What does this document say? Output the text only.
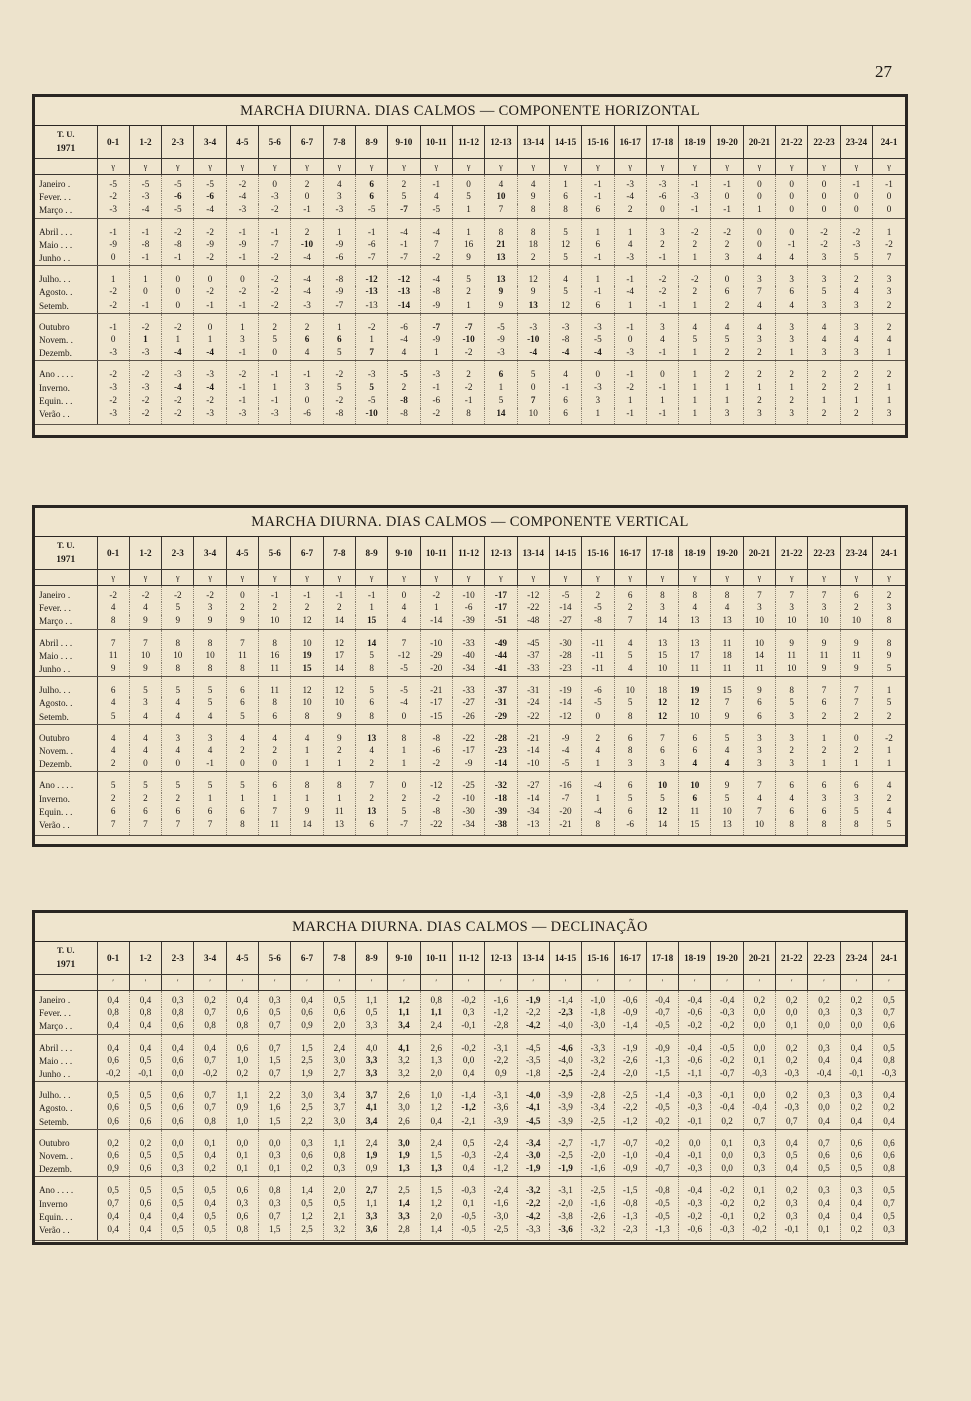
27
MARCHA DIURNA. DIAS CALMOS — COMPONENTE HORIZONTAL
T. U.
1971	0-1	1-2	2-3	3-4	4-5	5-6	6-7	7-8	8-9	9-10	10-11	11-12	12-13	13-14	14-15	15-16	16-17	17-18	18-19	19-20	20-21	21-22	22-23	23-24	24-1
	γ	γ	γ	γ	γ	γ	γ	γ	γ	γ	γ	γ	γ	γ	γ	γ	γ	γ	γ	γ	γ	γ	γ	γ	γ
Janeiro .	-5	-5	-5	-5	-2	0	2	4	6	2	-1	0	4	4	1	-1	-3	-3	-1	-1	0	0	0	-1	-1
Fever. . .	-2	-3	-6	-6	-4	-3	0	3	6	5	4	5	10	9	6	-1	-4	-6	-3	0	0	0	0	0	0
Março . .	-3	-4	-5	-4	-3	-2	-1	-3	-5	-7	-5	1	7	8	8	6	2	0	-1	-1	1	0	0	0	0
Abril . . .	-1	-1	-2	-2	-1	-1	2	1	-1	-4	-4	1	8	8	5	1	1	3	-2	-2	0	0	-2	-2	1
Maio . . .	-9	-8	-8	-9	-9	-7	-10	-9	-6	-1	7	16	21	18	12	6	4	2	2	2	0	-1	-2	-3	-2
Junho . .	0	-1	-1	-2	-1	-2	-4	-6	-7	-7	-2	9	13	2	5	-1	-3	-1	1	3	4	4	3	5	7
Julho. . .	1	1	0	0	0	-2	-4	-8	-12	-12	-4	5	13	12	4	1	-1	-2	-2	0	3	3	3	2	3
Agosto. .	-2	0	0	-2	-2	-2	-4	-9	-13	-13	-8	2	9	9	5	-1	-4	-2	2	6	7	6	5	4	3
Setemb.	-2	-1	0	-1	-1	-2	-3	-7	-13	-14	-9	1	9	13	12	6	1	-1	1	2	4	4	3	3	2
Outubro	-1	-2	-2	0	1	2	2	1	-2	-6	-7	-7	-5	-3	-3	-3	-1	3	4	4	4	3	4	3	2
Novem. .	0	1	1	1	3	5	6	6	1	-4	-9	-10	-9	-10	-8	-5	0	4	5	5	3	3	4	4	4
Dezemb.	-3	-3	-4	-4	-1	0	4	5	7	4	1	-2	-3	-4	-4	-4	-3	-1	1	2	2	1	3	3	1
Ano . . . .	-2	-2	-3	-3	-2	-1	-1	-2	-3	-5	-3	2	6	5	4	0	-1	0	1	2	2	2	2	2	2
Inverno.	-3	-3	-4	-4	-1	1	3	5	5	2	-1	-2	1	0	-1	-3	-2	-1	1	1	1	1	2	2	1
Equin. . .	-2	-2	-2	-2	-1	-1	0	-2	-5	-8	-6	-1	5	7	6	3	1	1	1	1	2	2	1	1	1
Verão . .	-3	-2	-2	-3	-3	-3	-6	-8	-10	-8	-2	8	14	10	6	1	-1	-1	1	3	3	3	2	2	3
MARCHA DIURNA. DIAS CALMOS — COMPONENTE VERTICAL
T. U.
1971	0-1	1-2	2-3	3-4	4-5	5-6	6-7	7-8	8-9	9-10	10-11	11-12	12-13	13-14	14-15	15-16	16-17	17-18	18-19	19-20	20-21	21-22	22-23	23-24	24-1
	γ	γ	γ	γ	γ	γ	γ	γ	γ	γ	γ	γ	γ	γ	γ	γ	γ	γ	γ	γ	γ	γ	γ	γ	γ
Janeiro .	-2	-2	-2	-2	0	-1	-1	-1	-1	0	-2	-10	-17	-12	-5	2	6	8	8	8	7	7	7	6	2
Fever. . .	4	4	5	3	2	2	2	2	1	4	1	-6	-17	-22	-14	-5	2	3	4	4	3	3	3	2	3
Março . .	8	9	9	9	9	10	12	14	15	4	-14	-39	-51	-48	-27	-8	7	14	13	13	10	10	10	10	8
Abril . . .	7	7	8	8	7	8	10	12	14	7	-10	-33	-49	-45	-30	-11	4	13	13	11	10	9	9	9	8
Maio . . .	11	10	10	10	11	16	19	17	5	-12	-29	-40	-44	-37	-28	-11	5	15	17	18	14	11	11	11	9
Junho . .	9	9	8	8	8	11	15	14	8	-5	-20	-34	-41	-33	-23	-11	4	10	11	11	11	10	9	9	5
Julho. . .	6	5	5	5	6	11	12	12	5	-5	-21	-33	-37	-31	-19	-6	10	18	19	15	9	8	7	7	1
Agosto. .	4	3	4	5	6	8	10	10	6	-4	-17	-27	-31	-24	-14	-5	5	12	12	7	6	5	6	7	5
Setemb.	5	4	4	4	5	6	8	9	8	0	-15	-26	-29	-22	-12	0	8	12	10	9	6	3	2	2	2
Outubro	4	4	3	3	4	4	4	9	13	8	-8	-22	-28	-21	-9	2	6	7	6	5	3	3	1	0	-2
Novem. .	4	4	4	4	2	2	1	2	4	1	-6	-17	-23	-14	-4	4	8	6	6	4	3	2	2	2	1
Dezemb.	2	0	0	-1	0	0	1	1	2	1	-2	-9	-14	-10	-5	1	3	3	4	4	3	3	1	1	1
Ano . . . .	5	5	5	5	5	6	8	8	7	0	-12	-25	-32	-27	-16	-4	6	10	10	9	7	6	6	6	4
Inverno.	2	2	2	1	1	1	1	1	2	2	-2	-10	-18	-14	-7	1	5	5	6	5	4	4	3	3	2
Equin. . .	6	6	6	6	6	7	9	11	13	5	-8	-30	-39	-34	-20	-4	6	12	11	10	7	6	6	5	4
Verão . .	7	7	7	7	8	11	14	13	6	-7	-22	-34	-38	-13	-21	8	-6	14	15	13	10	8	8	8	5
MARCHA DIURNA. DIAS CALMOS — DECLINAÇÃO
T. U.
1971	0-1	1-2	2-3	3-4	4-5	5-6	6-7	7-8	8-9	9-10	10-11	11-12	12-13	13-14	14-15	15-16	16-17	17-18	18-19	19-20	20-21	21-22	22-23	23-24	24-1
	′	′	′	′	′	′	′	′	′	′	′	′	′	′	′	′	′	′	′	′	′	′	′	′	′
Janeiro .	0,4	0,4	0,3	0,2	0,4	0,3	0,4	0,5	1,1	1,2	0,8	-0,2	-1,6	-1,9	-1,4	-1,0	-0,6	-0,4	-0,4	-0,4	0,2	0,2	0,2	0,2	0,5
Fever. . .	0,8	0,8	0,8	0,7	0,6	0,5	0,6	0,6	0,5	1,1	1,1	0,3	-1,2	-2,2	-2,3	-1,8	-0,9	-0,7	-0,6	-0,3	0,0	0,0	0,3	0,3	0,7
Março . .	0,4	0,4	0,6	0,8	0,8	0,7	0,9	2,0	3,3	3,4	2,4	-0,1	-2,8	-4,2	-4,0	-3,0	-1,4	-0,5	-0,2	-0,2	0,0	0,1	0,0	0,0	0,6
Abril . . .	0,4	0,4	0,4	0,4	0,6	0,7	1,5	2,4	4,0	4,1	2,6	-0,2	-3,1	-4,5	-4,6	-3,3	-1,9	-0,9	-0,4	-0,5	0,0	0,2	0,3	0,4	0,5
Maio . . .	0,6	0,5	0,6	0,7	1,0	1,5	2,5	3,0	3,3	3,2	1,3	0,0	-2,2	-3,5	-4,0	-3,2	-2,6	-1,3	-0,6	-0,2	0,1	0,2	0,4	0,4	0,8
Junho . .	-0,2	-0,1	0,0	-0,2	0,2	0,7	1,9	2,7	3,3	3,2	2,0	0,4	0,9	-1,8	-2,5	-2,4	-2,0	-1,5	-1,1	-0,7	-0,3	-0,3	-0,4	-0,1	-0,3
Julho. . .	0,5	0,5	0,6	0,7	1,1	2,2	3,0	3,4	3,7	2,6	1,0	-1,4	-3,1	-4,0	-3,9	-2,8	-2,5	-1,4	-0,3	-0,1	0,0	0,2	0,3	0,3	0,4
Agosto. .	0,6	0,5	0,6	0,7	0,9	1,6	2,5	3,7	4,1	3,0	1,2	-1,2	-3,6	-4,1	-3,9	-3,4	-2,2	-0,5	-0,3	-0,4	-0,4	-0,3	0,0	0,2	0,2
Setemb.	0,6	0,6	0,6	0,8	1,0	1,5	2,2	3,0	3,4	2,6	0,4	-2,1	-3,9	-4,5	-3,9	-2,5	-1,2	-0,2	-0,1	0,2	0,7	0,7	0,4	0,4	0,4
Outubro	0,2	0,2	0,0	0,1	0,0	0,0	0,3	1,1	2,4	3,0	2,4	0,5	-2,4	-3,4	-2,7	-1,7	-0,7	-0,2	0,0	0,1	0,3	0,4	0,7	0,6	0,6
Novem. .	0,6	0,5	0,5	0,4	0,1	0,3	0,6	0,8	1,9	1,9	1,5	-0,3	-2,4	-3,0	-2,5	-2,0	-1,0	-0,4	-0,1	0,0	0,3	0,5	0,6	0,6	0,6
Dezemb.	0,9	0,6	0,3	0,2	0,1	0,1	0,2	0,3	0,9	1,3	1,3	0,4	-1,2	-1,9	-1,9	-1,6	-0,9	-0,7	-0,3	0,0	0,3	0,4	0,5	0,5	0,8
Ano . . . .	0,5	0,5	0,5	0,5	0,6	0,8	1,4	2,0	2,7	2,5	1,5	-0,3	-2,4	-3,2	-3,1	-2,5	-1,5	-0,8	-0,4	-0,2	0,1	0,2	0,3	0,3	0,5
Inverno	0,7	0,6	0,5	0,4	0,3	0,3	0,5	0,5	1,1	1,4	1,2	0,1	-1,6	-2,2	-2,0	-1,6	-0,8	-0,5	-0,3	-0,2	0,2	0,3	0,4	0,4	0,7
Equin. . .	0,4	0,4	0,4	0,5	0,6	0,7	1,2	2,1	3,3	3,3	2,0	-0,5	-3,0	-4,2	-3,8	-2,6	-1,3	-0,5	-0,2	-0,1	0,2	0,3	0,4	0,4	0,5
Verão . .	0,4	0,4	0,5	0,5	0,8	1,5	2,5	3,2	3,6	2,8	1,4	-0,5	-2,5	-3,3	-3,6	-3,2	-2,3	-1,3	-0,6	-0,3	-0,2	-0,1	0,1	0,2	0,3
